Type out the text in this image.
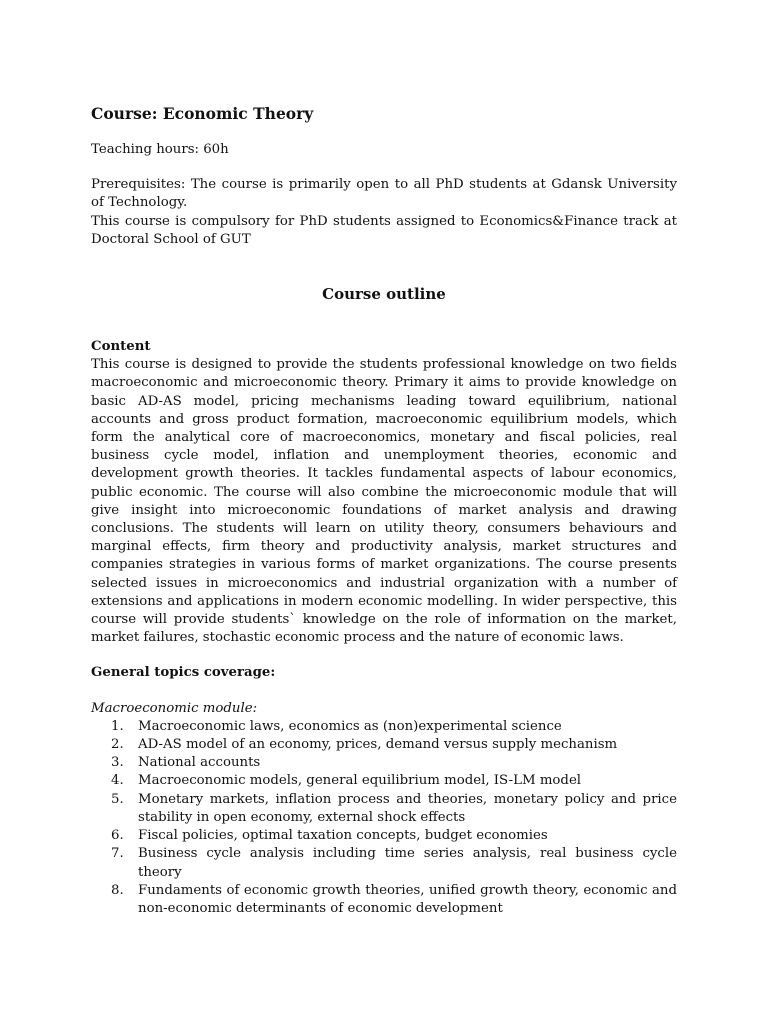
Course: Economic Theory

Teaching hours: 60h

Prerequisites: The course is primarily open to all PhD students at Gdansk University of Technology.

This course is compulsory for PhD students assigned to Economics&Finance track at Doctoral School of GUT

Course outline

Content

This course is designed to provide the students professional knowledge on two fields macroeconomic and microeconomic theory. Primary it aims to provide knowledge on basic AD-AS model, pricing mechanisms leading toward equilibrium, national accounts and gross product formation, macroeconomic equilibrium models, which form the analytical core of macroeconomics, monetary and fiscal policies, real business cycle model, inflation and unemployment theories, economic and development growth theories. It tackles fundamental aspects of labour economics, public economic. The course will also combine the microeconomic module that will give insight into microeconomic foundations of market analysis and drawing conclusions. The students will learn on utility theory, consumers behaviours and marginal effects, firm theory and productivity analysis, market structures and companies strategies in various forms of market organizations. The course presents selected issues in microeconomics and industrial organization with a number of extensions and applications in modern economic modelling. In wider perspective, this course will provide students` knowledge on the role of information on the market, market failures, stochastic economic process and the nature of economic laws.

General topics coverage:

Macroeconomic module:

1. Macroeconomic laws, economics as (non)experimental science
2. AD-AS model of an economy, prices, demand versus supply mechanism
3. National accounts
4. Macroeconomic models, general equilibrium model, IS-LM model
5. Monetary markets, inflation process and theories, monetary policy and price stability in open economy, external shock effects
6. Fiscal policies, optimal taxation concepts, budget economies
7. Business cycle analysis including time series analysis, real business cycle theory
8. Fundaments of economic growth theories, unified growth theory, economic and non-economic determinants of economic development
